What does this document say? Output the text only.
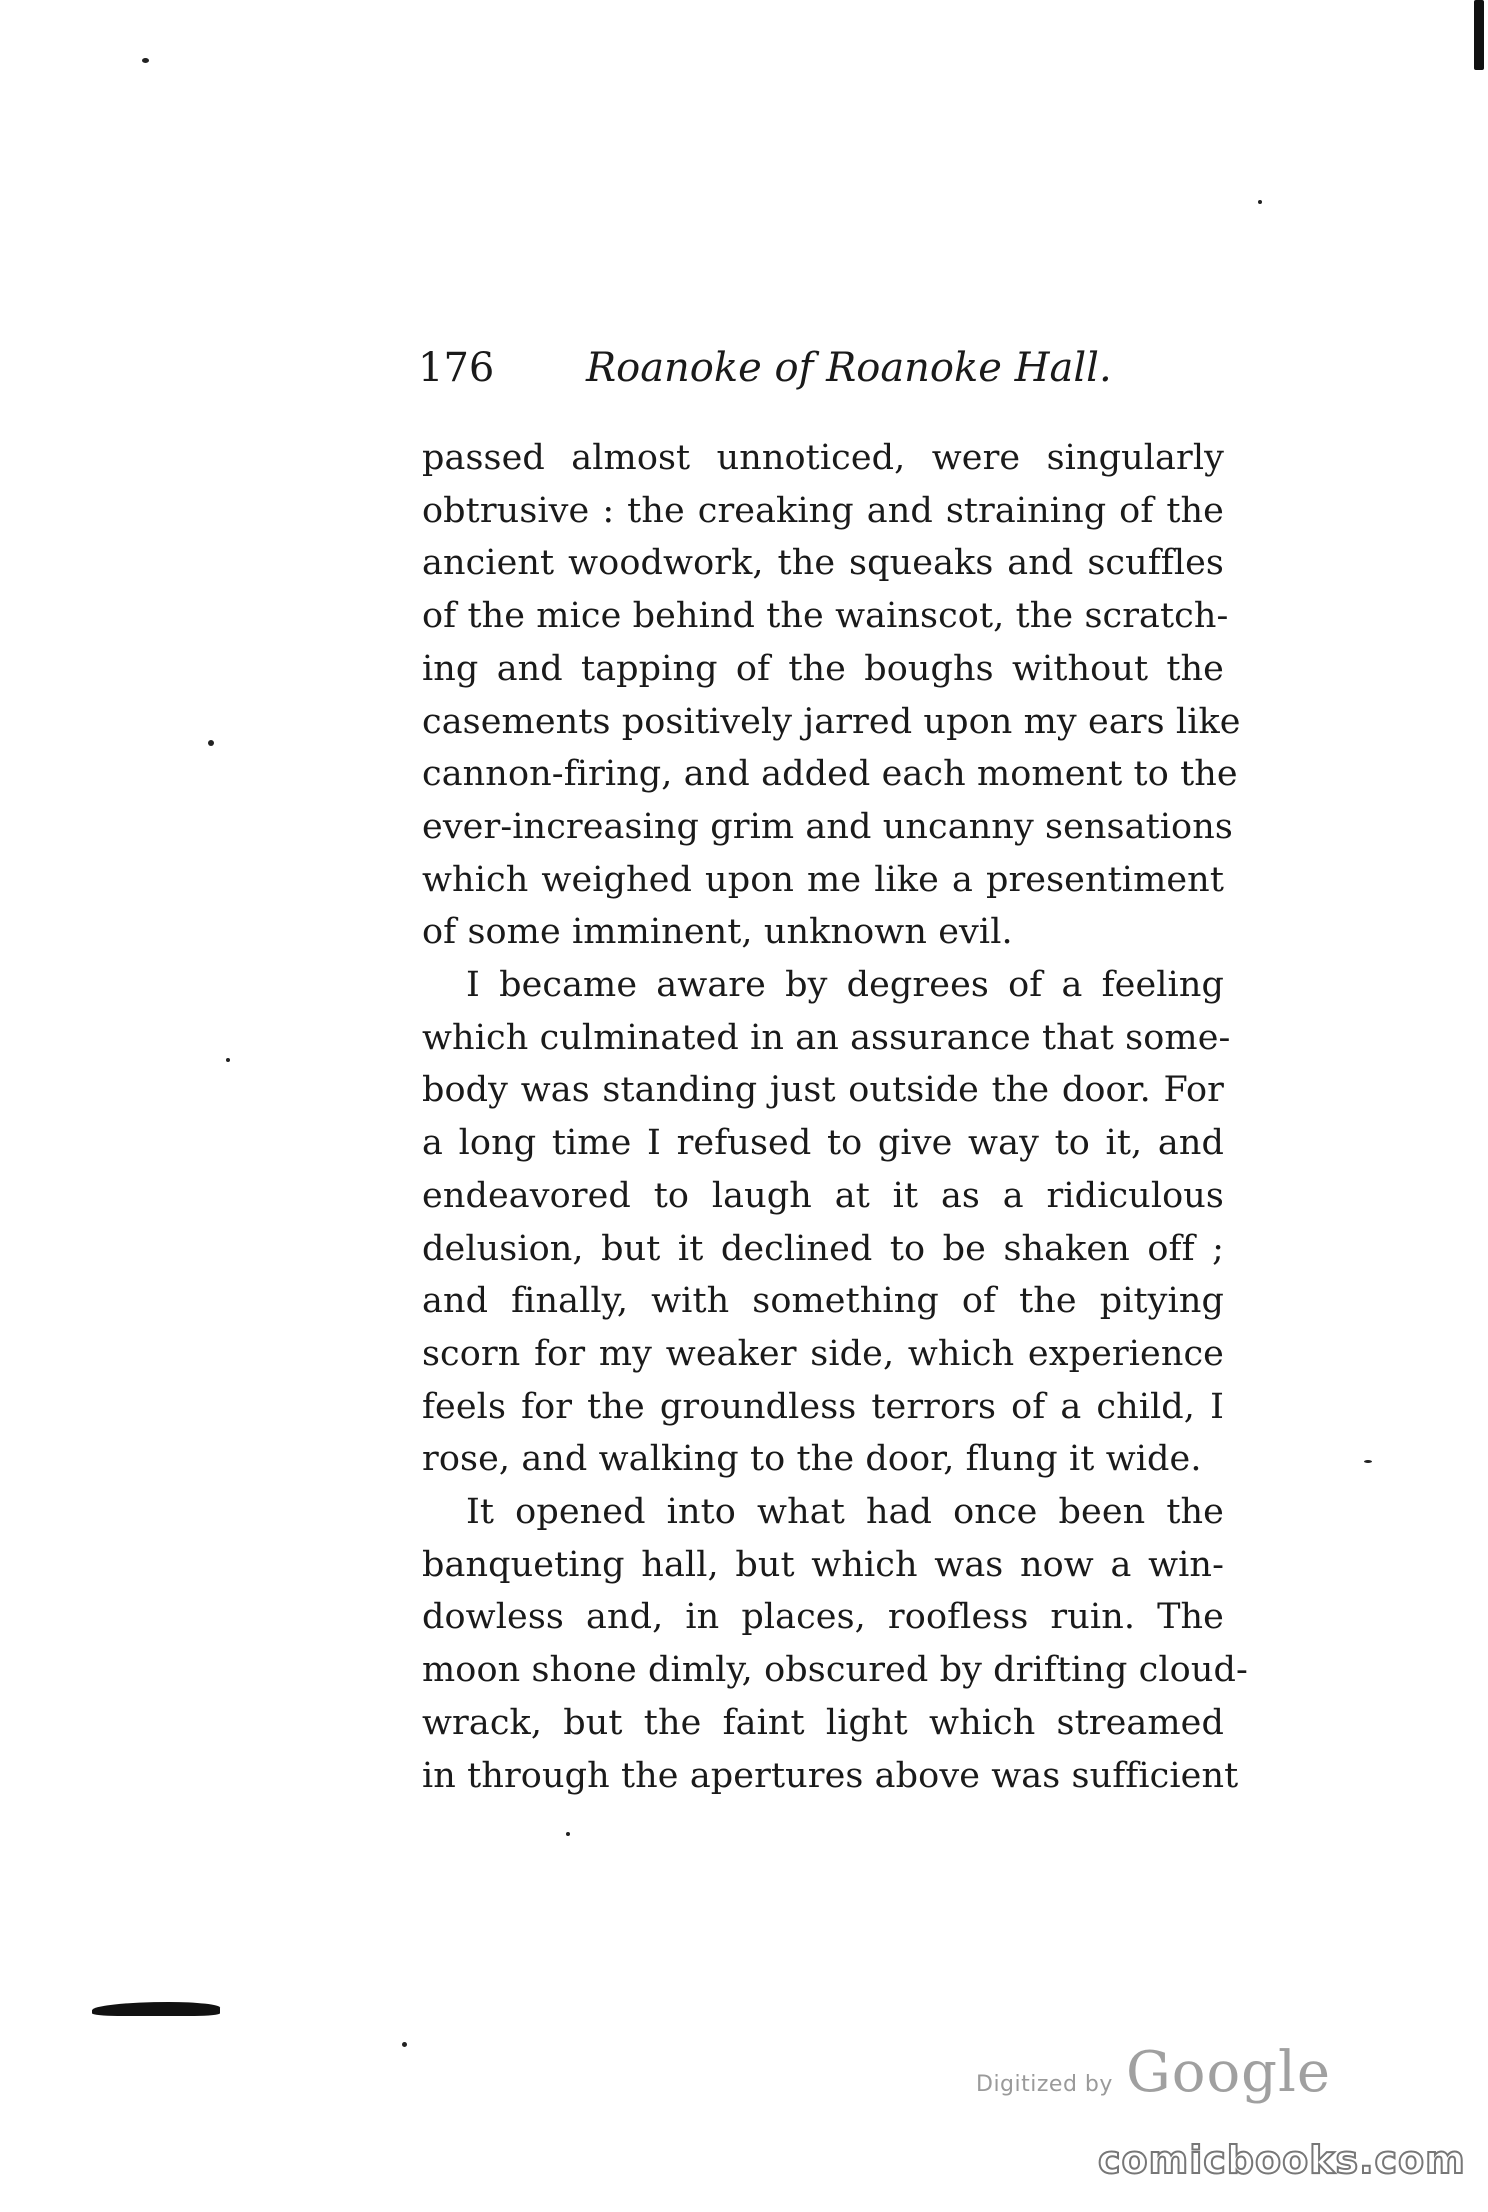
176 Roanoke of Roanoke Hall.
passed almost unnoticed, were singularly
obtrusive : the creaking and straining of the
ancient woodwork, the squeaks and scuffles
of the mice behind the wainscot, the scratch-
ing and tapping of the boughs without the
casements positively jarred upon my ears like
cannon-firing, and added each moment to the
ever-increasing grim and uncanny sensations
which weighed upon me like a presentiment
of some imminent, unknown evil.
I became aware by degrees of a feeling
which culminated in an assurance that some-
body was standing just outside the door. For
a long time I refused to give way to it, and
endeavored to laugh at it as a ridiculous
delusion, but it declined to be shaken off ;
and finally, with something of the pitying
scorn for my weaker side, which experience
feels for the groundless terrors of a child, I
rose, and walking to the door, flung it wide.
It opened into what had once been the
banqueting hall, but which was now a win-
dowless and, in places, roofless ruin. The
moon shone dimly, obscured by drifting cloud-
wrack, but the faint light which streamed
in through the apertures above was sufficient
Digitized by Google
comicbooks.com
